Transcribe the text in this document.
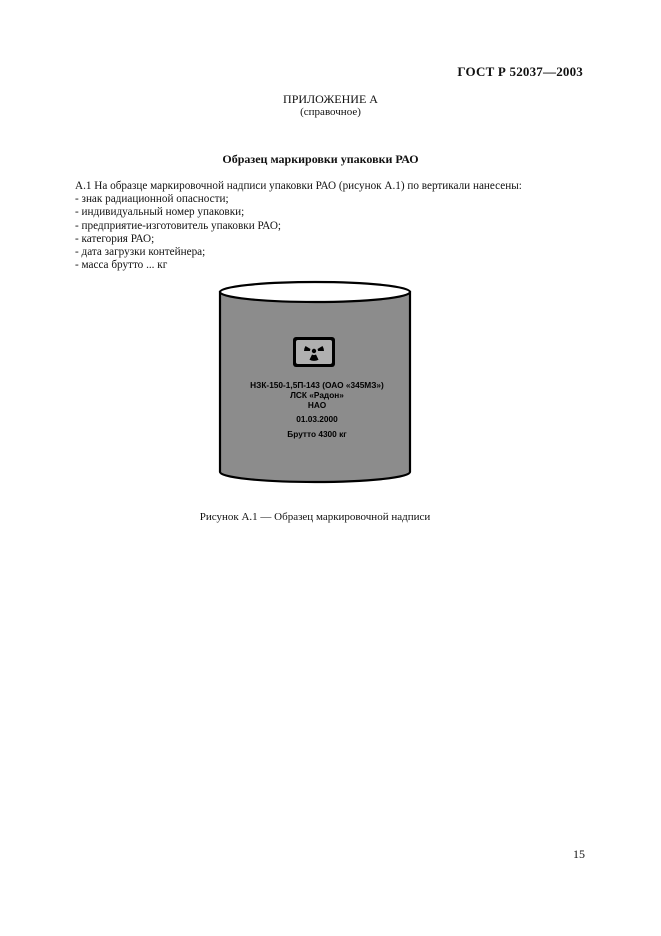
ГОСТ Р 52037—2003
ПРИЛОЖЕНИЕ А
(справочное)
Образец маркировки упаковки РАО
А.1 На образце маркировочной надписи упаковки РАО (рисунок А.1) по вертикали нанесены:
- знак радиационной опасности;
- индивидуальный номер упаковки;
- предприятие-изготовитель упаковки РАО;
- категория РАО;
- дата загрузки контейнера;
- масса брутто ... кг
НЗК-150-1,5П-143 (ОАО «345МЗ»)
ЛСК «Радон»
НАО
01.03.2000
Брутто 4300 кг
Рисунок А.1 — Образец маркировочной надписи
15
